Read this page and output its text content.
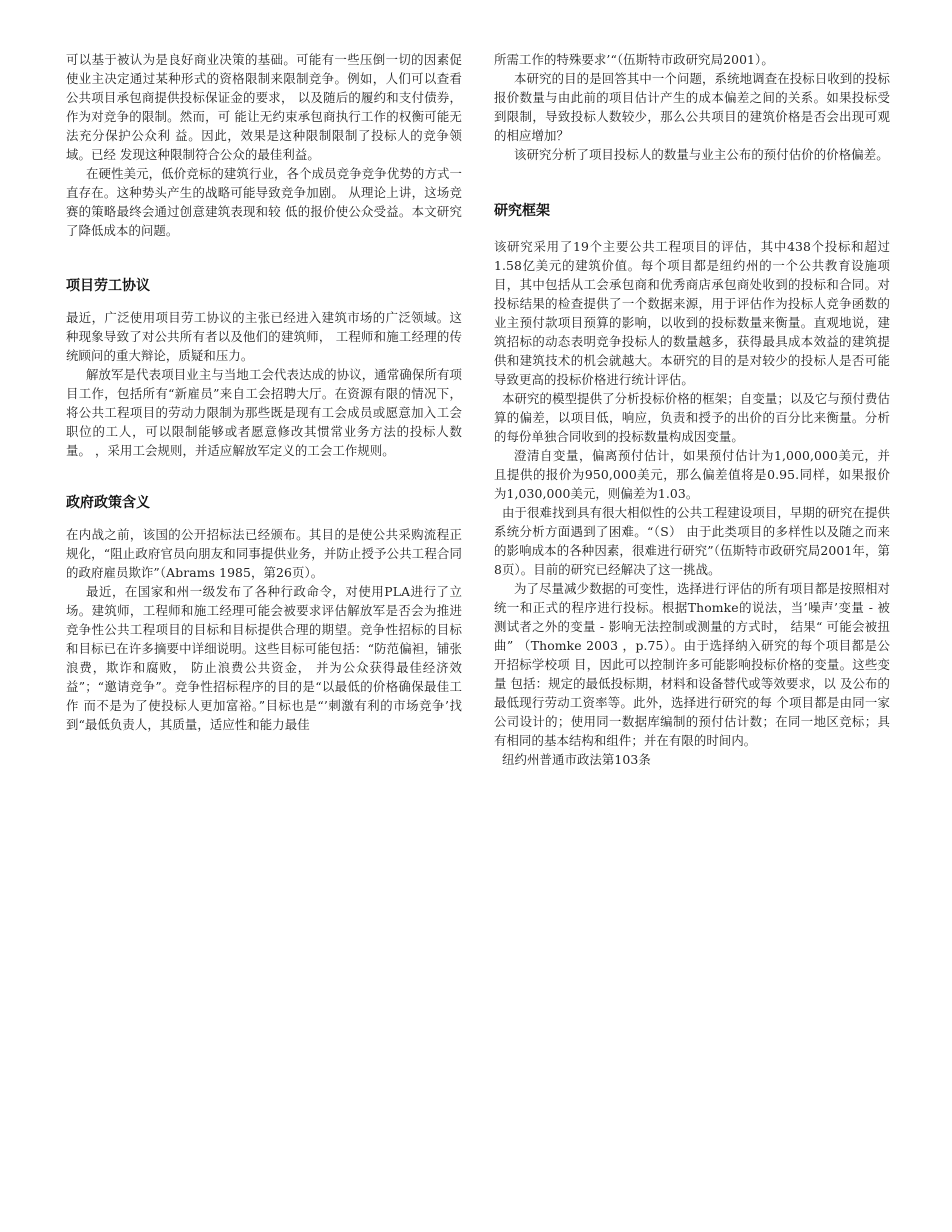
可以基于被认为是良好商业决策的基础。可能有一些压倒一切的因素促使业主决定通过某种形式的资格限制来限制竞争。例如，人们可以查看公共项目承包商提供投标保证金的要求， 以及随后的履约和支付债券，作为对竞争的限制。然而，可 能让无约束承包商执行工作的权衡可能无法充分保护公众利 益。因此，效果是这种限制限制了投标人的竞争领域。已经 发现这种限制符合公众的最佳利益。

在硬性美元，低价竞标的建筑行业，各个成员竞争竞争优势的方式一直存在。这种势头产生的战略可能导致竞争加剧。 从理论上讲，这场竞赛的策略最终会通过创意建筑表现和较 低的报价使公众受益。本文研究了降低成本的问题。

项目劳工协议

最近，广泛使用项目劳工协议的主张已经进入建筑市场的广泛领域。这种现象导致了对公共所有者以及他们的建筑师， 工程师和施工经理的传统顾问的重大辩论，质疑和压力。

解放军是代表项目业主与当地工会代表达成的协议，通常确保所有项目工作，包括所有“新雇员”来自工会招聘大厅。在资源有限的情况下，将公共工程项目的劳动力限制为那些既是现有工会成员或愿意加入工会职位的工人，可以限制能够或者愿意修改其惯常业务方法的投标人数量。 ，采用工会规则，并适应解放军定义的工会工作规则。

政府政策含义

在内战之前，该国的公开招标法已经颁布。其目的是使公共采购流程正规化，“阻止政府官员向朋友和同事提供业务，并防止授予公共工程合同的政府雇员欺诈”（Abrams 1985，第26页）。

最近，在国家和州一级发布了各种行政命令，对使用PLA进行了立场。建筑师，工程师和施工经理可能会被要求评估解放军是否会为推进竞争性公共工程项目的目标和目标提供合理的期望。竞争性招标的目标和目标已在许多摘要中详细说明。这些目标可能包括：“防范偏袒，铺张浪费，欺诈和腐败， 防止浪费公共资金， 并为公众获得最佳经济效益”；“邀请竞争”。竞争性招标程序的目的是“以最低的价格确保最佳工作 而不是为了使投标人更加富裕。”目标也是“’刺激有利的市场竞争’找到“最低负责人，其质量，适应性和能力最佳

所需工作的特殊要求’“（伍斯特市政研究局2001）。

本研究的目的是回答其中一个问题，系统地调查在投标日收到的投标报价数量与由此前的项目估计产生的成本偏差之间的关系。如果投标受到限制，导致投标人数较少，那么公共项目的建筑价格是否会出现可观的相应增加？

该研究分析了项目投标人的数量与业主公布的预付估价的价格偏差。

研究框架

该研究采用了19个主要公共工程项目的评估，其中438个投标和超过1.58亿美元的建筑价值。每个项目都是纽约州的一个公共教育设施项目，其中包括从工会承包商和优秀商店承包商处收到的投标和合同。对投标结果的检查提供了一个数据来源，用于评估作为投标人竞争函数的业主预付款项目预算的影响，以收到的投标数量来衡量。直观地说，建筑招标的动态表明竞争投标人的数量越多，获得最具成本效益的建筑提供和建筑技术的机会就越大。本研究的目的是对较少的投标人是否可能导致更高的投标价格进行统计评估。

本研究的模型提供了分析投标价格的框架；自变量；以及它与预付费估算的偏差，以项目低，响应，负责和授予的出价的百分比来衡量。分析的每份单独合同收到的投标数量构成因变量。

澄清自变量，偏离预付估计，如果预付估计为1,000,000美元，并且提供的报价为950,000美元，那么偏差值将是0.95.同样，如果报价为1,030,000美元，则偏差为1.03。

由于很难找到具有很大相似性的公共工程建设项目，早期的研究在提供系统分析方面遇到了困难。“（S） 由于此类项目的多样性以及随之而来的影响成本的各种因素，很难进行研究”（伍斯特市政研究局2001年，第8页）。目前的研究已经解决了这一挑战。

为了尽量减少数据的可变性，选择进行评估的所有项目都是按照相对统一和正式的程序进行投标。根据Thomke的说法，当’噪声’变量 - 被测试者之外的变量 - 影响无法控制或测量的方式时， 结果“ 可能会被扭曲” （Thomke 2003 ，p.75）。由于选择纳入研究的每个项目都是公开招标学校项 目，因此可以控制许多可能影响投标价格的变量。这些变量 包括：规定的最低投标期，材料和设备替代或等效要求，以 及公布的最低现行劳动工资率等。此外，选择进行研究的每 个项目都是由同一家公司设计的；使用同一数据库编制的预付估计数；在同一地区竞标；具有相同的基本结构和组件；并在有限的时间内。

纽约州普通市政法第103条
